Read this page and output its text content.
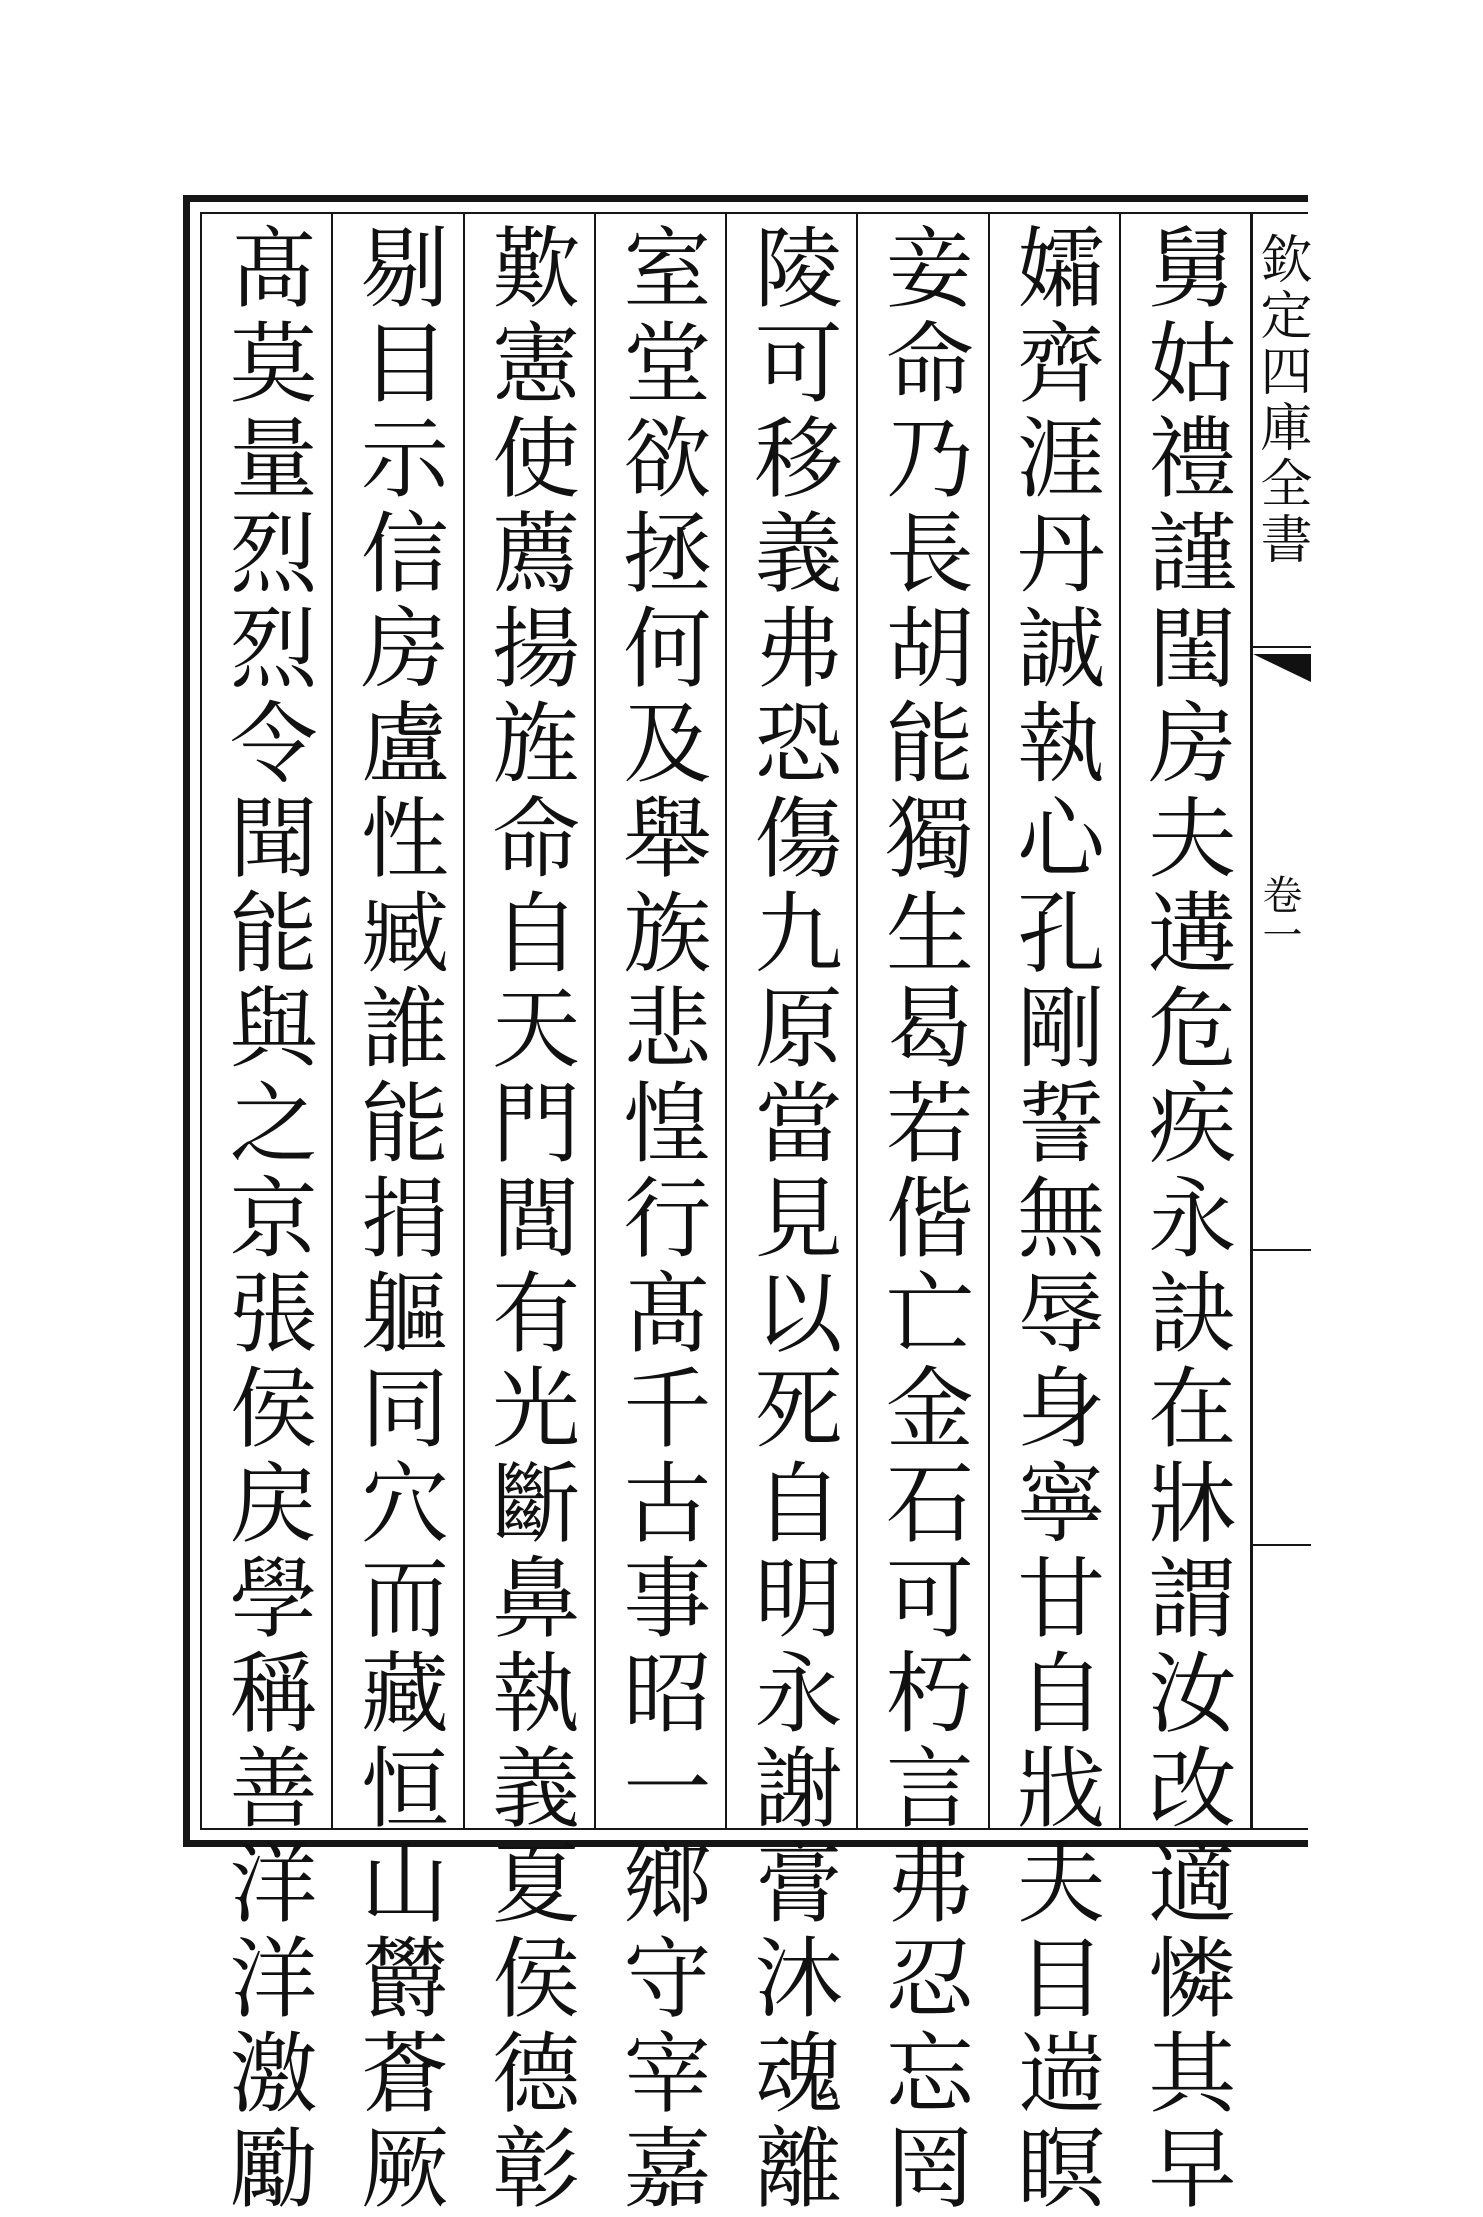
舅姑禮謹閨房夫遘危疾永訣在牀謂汝改適憐其早
孀齊涯丹誠執心孔剛誓無辱身寧甘自戕夫目遄瞑
妾命乃長胡能獨生曷若偕亡金石可朽言弗忍忘罔
陵可移義弗恐傷九原當見以死自明永謝膏沐魂離
室堂欲拯何及舉族悲惶行髙千古事昭一鄉守宰嘉
歎憲使薦揚旌命自天門閭有光斷鼻執義夏侯德彰
剔目示信房盧性臧誰能捐軀同穴而藏恒山欝蒼厥
髙莫量烈烈令聞能與之京張侯戻學稱善洋洋激勵	欽定四庫全書
卷一
